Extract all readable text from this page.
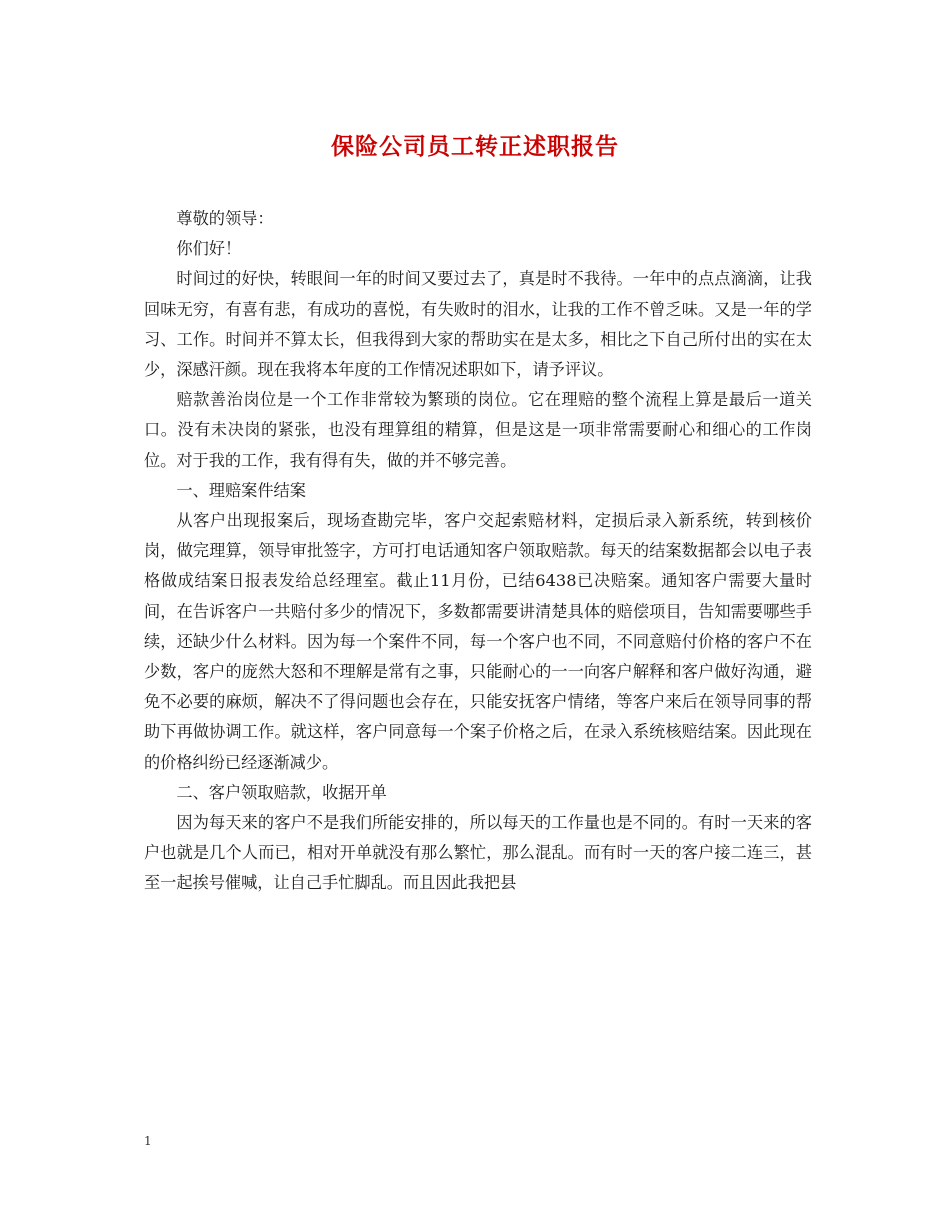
保险公司员工转正述职报告

尊敬的领导：

你们好！

时间过的好快，转眼间一年的时间又要过去了，真是时不我待。一年中的点点滴滴，让我回味无穷，有喜有悲，有成功的喜悦，有失败时的泪水，让我的工作不曾乏味。又是一年的学习、工作。时间并不算太长，但我得到大家的帮助实在是太多，相比之下自己所付出的实在太少，深感汗颜。现在我将本年度的工作情况述职如下，请予评议。

赔款善治岗位是一个工作非常较为繁琐的岗位。它在理赔的整个流程上算是最后一道关口。没有未决岗的紧张，也没有理算组的精算，但是这是一项非常需要耐心和细心的工作岗位。对于我的工作，我有得有失，做的并不够完善。

一、理赔案件结案

从客户出现报案后，现场查勘完毕，客户交起索赔材料，定损后录入新系统，转到核价岗，做完理算，领导审批签字，方可打电话通知客户领取赔款。每天的结案数据都会以电子表格做成结案日报表发给总经理室。截止11月份，已结6438已决赔案。通知客户需要大量时间，在告诉客户一共赔付多少的情况下，多数都需要讲清楚具体的赔偿项目，告知需要哪些手续，还缺少什么材料。因为每一个案件不同，每一个客户也不同，不同意赔付价格的客户不在少数，客户的庞然大怒和不理解是常有之事，只能耐心的一一向客户解释和客户做好沟通，避免不必要的麻烦，解决不了得问题也会存在，只能安抚客户情绪，等客户来后在领导同事的帮助下再做协调工作。就这样，客户同意每一个案子价格之后，在录入系统核赔结案。因此现在的价格纠纷已经逐渐减少。

二、客户领取赔款，收据开单

因为每天来的客户不是我们所能安排的，所以每天的工作量也是不同的。有时一天来的客户也就是几个人而已，相对开单就没有那么繁忙，那么混乱。而有时一天的客户接二连三，甚至一起挨号催喊，让自己手忙脚乱。而且因此我把县

1
